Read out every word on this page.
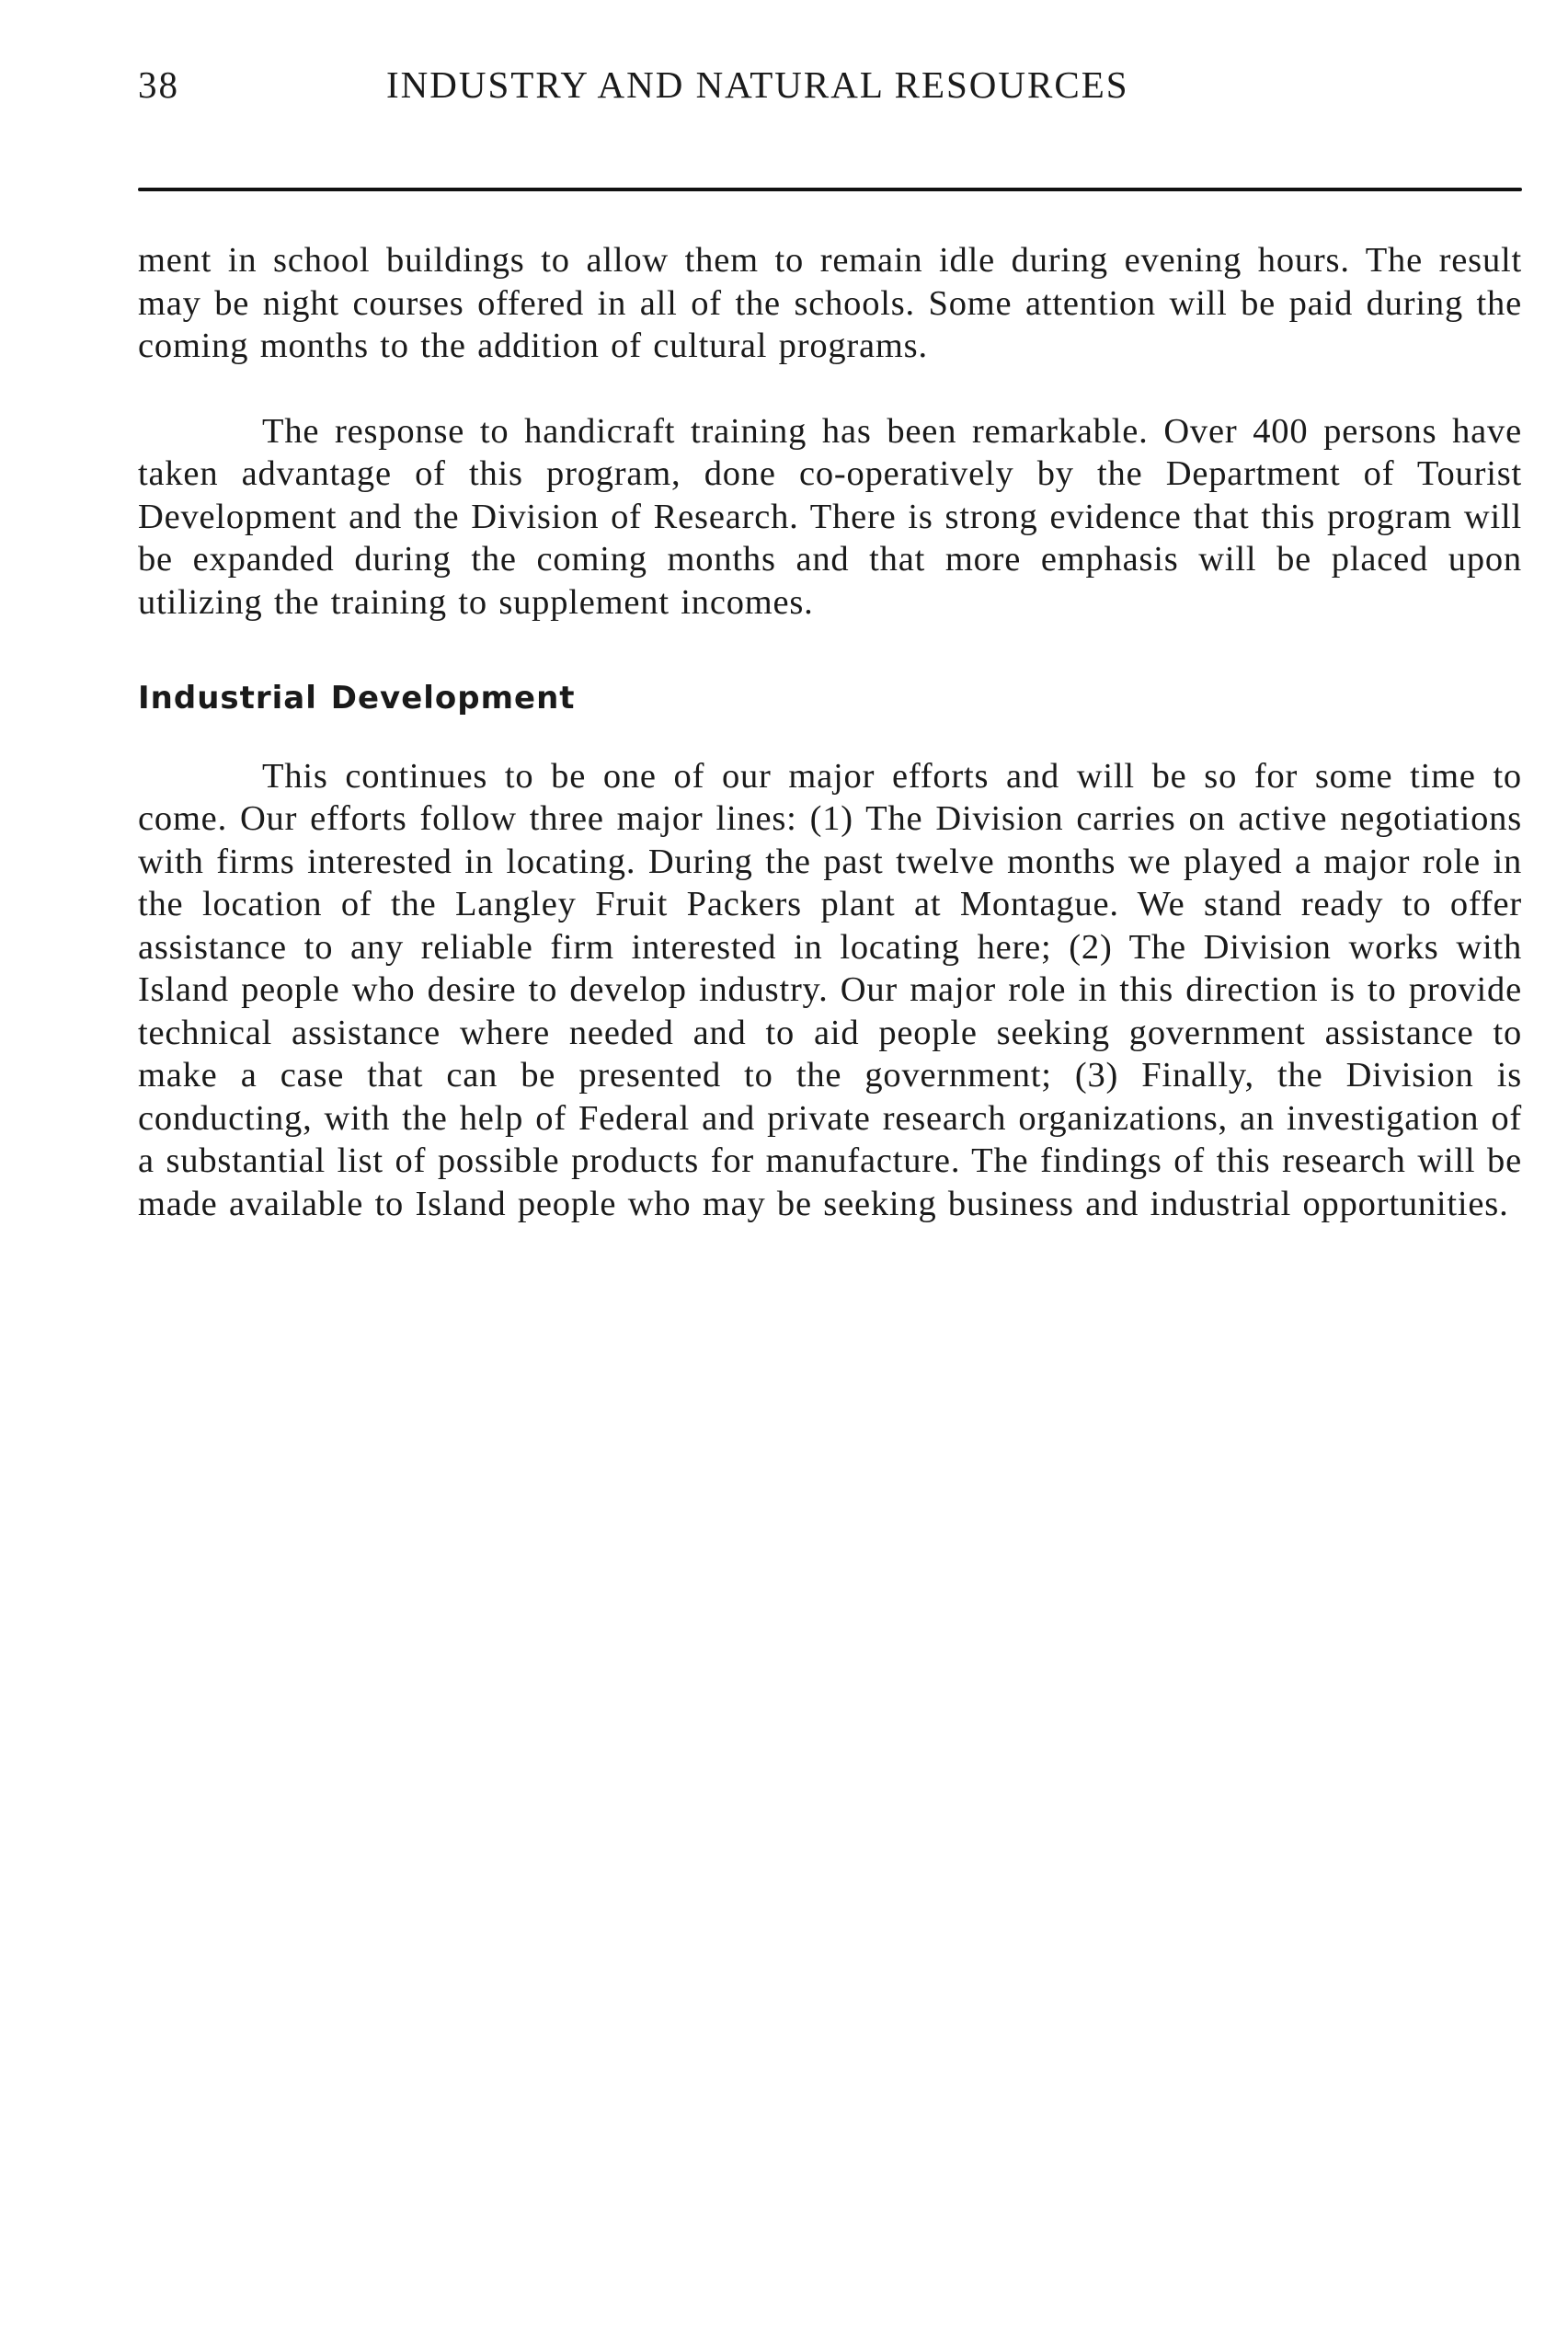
38	INDUSTRY AND NATURAL RESOURCES

ment in school buildings to allow them to remain idle during evening hours. The result may be night courses offered in all of the schools. Some attention will be paid during the coming months to the addition of cultural programs.

The response to handicraft training has been remarkable. Over 400 persons have taken advantage of this program, done co-operatively by the Department of Tourist Development and the Division of Research. There is strong evidence that this program will be expanded during the coming months and that more emphasis will be placed upon utilizing the training to supplement incomes.

Industrial Development

This continues to be one of our major efforts and will be so for some time to come. Our efforts follow three major lines: (1) The Division carries on active negotiations with firms interested in locating. During the past twelve months we played a major role in the location of the Langley Fruit Packers plant at Montague. We stand ready to offer assistance to any reliable firm interested in locating here; (2) The Division works with Island people who desire to develop industry. Our major role in this direction is to provide technical assistance where needed and to aid people seeking government assistance to make a case that can be presented to the government; (3) Finally, the Division is conducting, with the help of Federal and private research organizations, an investigation of a substantial list of possible products for manufacture. The findings of this research will be made available to Island people who may be seeking business and industrial opportunities.
